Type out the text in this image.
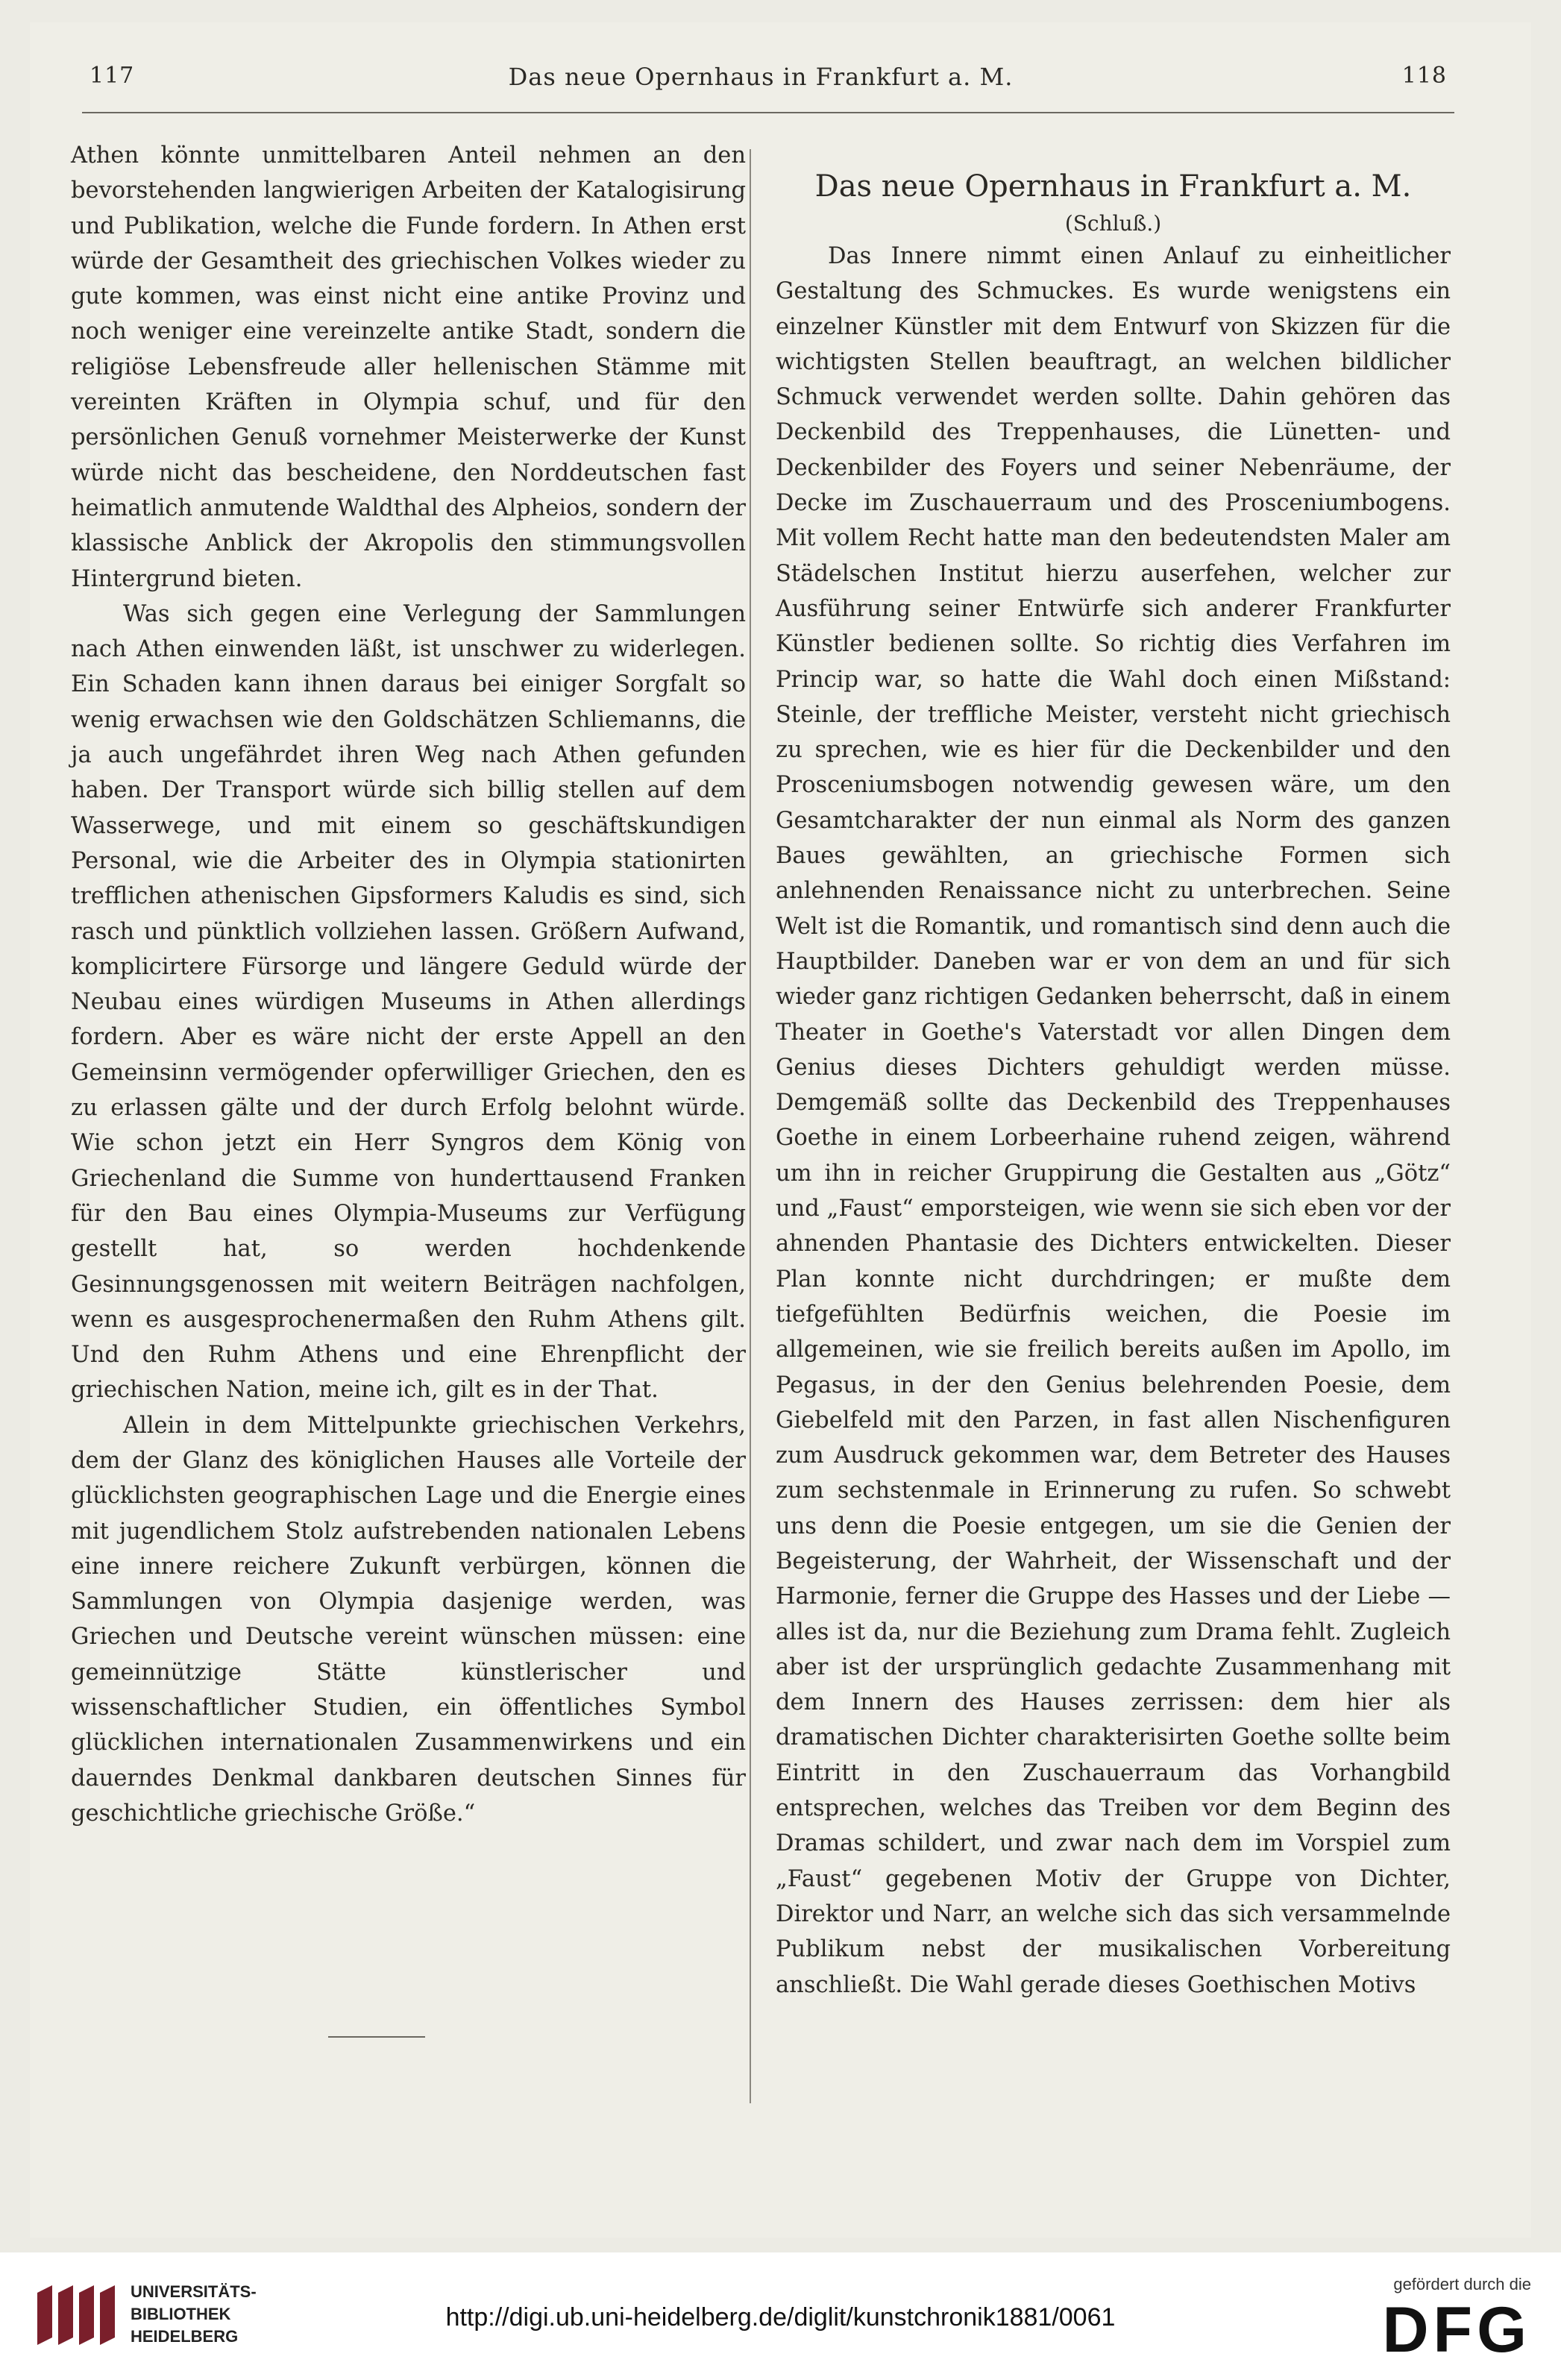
117	Das neue Opernhaus in Frankfurt a. M.	118

Athen könnte unmittelbaren Anteil nehmen an den bevorstehenden langwierigen Arbeiten der Katalogisirung und Publikation, welche die Funde fordern. In Athen erst würde der Gesamtheit des griechischen Volkes wieder zu gute kommen, was einst nicht eine antike Provinz und noch weniger eine vereinzelte antike Stadt, sondern die religiöse Lebensfreude aller hellenischen Stämme mit vereinten Kräften in Olympia schuf, und für den persönlichen Genuß vornehmer Meisterwerke der Kunst würde nicht das bescheidene, den Norddeutschen fast heimatlich anmutende Waldthal des Alpheios, sondern der klassische Anblick der Akropolis den stimmungsvollen Hintergrund bieten.

Was sich gegen eine Verlegung der Sammlungen nach Athen einwenden läßt, ist unschwer zu widerlegen. Ein Schaden kann ihnen daraus bei einiger Sorgfalt so wenig erwachsen wie den Goldschätzen Schliemanns, die ja auch ungefährdet ihren Weg nach Athen gefunden haben. Der Transport würde sich billig stellen auf dem Wasserwege, und mit einem so geschäftskundigen Personal, wie die Arbeiter des in Olympia stationirten trefflichen athenischen Gipsformers Kaludis es sind, sich rasch und pünktlich vollziehen lassen. Größern Aufwand, komplicirtere Fürsorge und längere Geduld würde der Neubau eines würdigen Museums in Athen allerdings fordern. Aber es wäre nicht der erste Appell an den Gemeinsinn vermögender opferwilliger Griechen, den es zu erlassen gälte und der durch Erfolg belohnt würde. Wie schon jetzt ein Herr Syngros dem König von Griechenland die Summe von hunderttausend Franken für den Bau eines Olympia-Museums zur Verfügung gestellt hat, so werden hochdenkende Gesinnungsgenossen mit weitern Beiträgen nachfolgen, wenn es ausgesprochenermaßen den Ruhm Athens gilt. Und den Ruhm Athens und eine Ehrenpflicht der griechischen Nation, meine ich, gilt es in der That.

Allein in dem Mittelpunkte griechischen Verkehrs, dem der Glanz des königlichen Hauses alle Vorteile der glücklichsten geographischen Lage und die Energie eines mit jugendlichem Stolz aufstrebenden nationalen Lebens eine innere reichere Zukunft verbürgen, können die Sammlungen von Olympia dasjenige werden, was Griechen und Deutsche vereint wünschen müssen: eine gemeinnützige Stätte künstlerischer und wissenschaftlicher Studien, ein öffentliches Symbol glücklichen internationalen Zusammenwirkens und ein dauerndes Denkmal dankbaren deutschen Sinnes für geschichtliche griechische Größe.“

Das neue Opernhaus in Frankfurt a. M.

(Schluß.)

Das Innere nimmt einen Anlauf zu einheitlicher Gestaltung des Schmuckes. Es wurde wenigstens ein einzelner Künstler mit dem Entwurf von Skizzen für die wichtigsten Stellen beauftragt, an welchen bildlicher Schmuck verwendet werden sollte. Dahin gehören das Deckenbild des Treppenhauses, die Lünetten- und Deckenbilder des Foyers und seiner Nebenräume, der Decke im Zuschauerraum und des Prosceniumbogens. Mit vollem Recht hatte man den bedeutendsten Maler am Städelschen Institut hierzu auserfehen, welcher zur Ausführung seiner Entwürfe sich anderer Frankfurter Künstler bedienen sollte. So richtig dies Verfahren im Princip war, so hatte die Wahl doch einen Mißstand: Steinle, der treffliche Meister, versteht nicht griechisch zu sprechen, wie es hier für die Deckenbilder und den Prosceniumsbogen notwendig gewesen wäre, um den Gesamtcharakter der nun einmal als Norm des ganzen Baues gewählten, an griechische Formen sich anlehnenden Renaissance nicht zu unterbrechen. Seine Welt ist die Romantik, und romantisch sind denn auch die Hauptbilder. Daneben war er von dem an und für sich wieder ganz richtigen Gedanken beherrscht, daß in einem Theater in Goethe's Vaterstadt vor allen Dingen dem Genius dieses Dichters gehuldigt werden müsse. Demgemäß sollte das Deckenbild des Treppenhauses Goethe in einem Lorbeerhaine ruhend zeigen, während um ihn in reicher Gruppirung die Gestalten aus „Götz“ und „Faust“ emporsteigen, wie wenn sie sich eben vor der ahnenden Phantasie des Dichters entwickelten. Dieser Plan konnte nicht durchdringen; er mußte dem tiefgefühlten Bedürfnis weichen, die Poesie im allgemeinen, wie sie freilich bereits außen im Apollo, im Pegasus, in der den Genius belehrenden Poesie, dem Giebelfeld mit den Parzen, in fast allen Nischenfiguren zum Ausdruck gekommen war, dem Betreter des Hauses zum sechstenmale in Erinnerung zu rufen. So schwebt uns denn die Poesie entgegen, um sie die Genien der Begeisterung, der Wahrheit, der Wissenschaft und der Harmonie, ferner die Gruppe des Hasses und der Liebe — alles ist da, nur die Beziehung zum Drama fehlt. Zugleich aber ist der ursprünglich gedachte Zusammenhang mit dem Innern des Hauses zerrissen: dem hier als dramatischen Dichter charakterisirten Goethe sollte beim Eintritt in den Zuschauerraum das Vorhangbild entsprechen, welches das Treiben vor dem Beginn des Dramas schildert, und zwar nach dem im Vorspiel zum „Faust“ gegebenen Motiv der Gruppe von Dichter, Direktor und Narr, an welche sich das sich versammelnde Publikum nebst der musikalischen Vorbereitung anschließt. Die Wahl gerade dieses Goethischen Motivs

UNIVERSITÄTS-
BIBLIOTHEK
HEIDELBERG
http://digi.ub.uni-heidelberg.de/diglit/kunstchronik1881/0061
gefördert durch die
DFG
